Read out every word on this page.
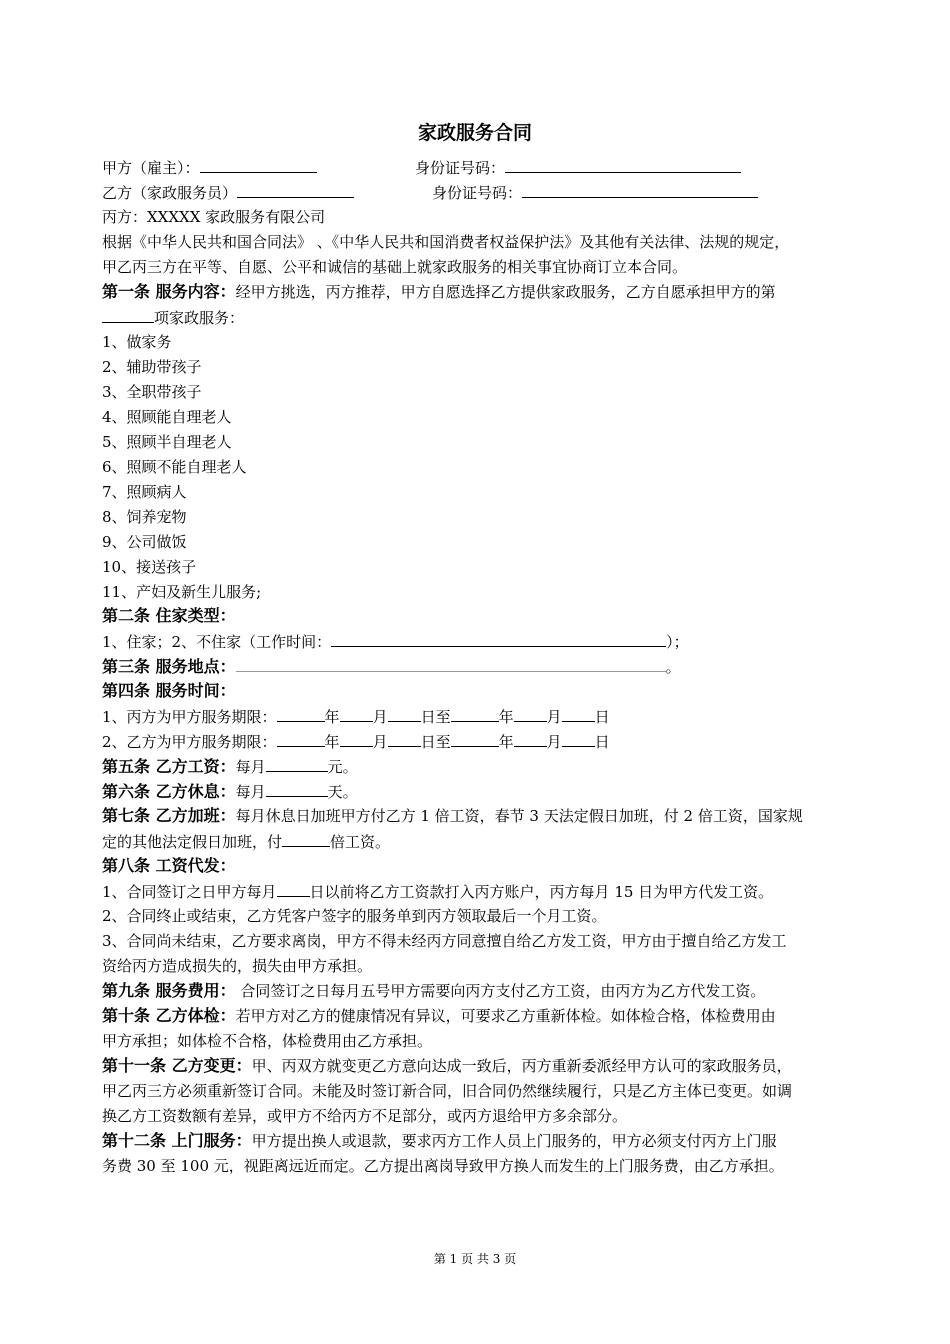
家政服务合同
甲方（雇主）：	身份证号码：
乙方（家政服务员）	身份证号码：
丙方：XXXXX 家政服务有限公司
根据《中华人民共和国合同法》 、《中华人民共和国消费者权益保护法》及其他有关法律、法规的规定，
甲乙丙三方在平等、自愿、公平和诚信的基础上就家政服务的相关事宜协商订立本合同。
第一条 服务内容：经甲方挑选，丙方推荐，甲方自愿选择乙方提供家政服务，乙方自愿承担甲方的第
项家政服务：
1、做家务
2、辅助带孩子
3、全职带孩子
4、照顾能自理老人
5、照顾半自理老人
6、照顾不能自理老人
7、照顾病人
8、饲养宠物
9、公司做饭
10、接送孩子
11、产妇及新生儿服务;
第二条 住家类型：
1、住家；2、不住家（工作时间：	）；
第三条 服务地点：	。
第四条 服务时间：
1、丙方为甲方服务期限：	年 月 日至	年 月 日
2、乙方为甲方服务期限：	年 月 日至	年 月 日
第五条 乙方工资：每月	元。
第六条 乙方休息：每月	天。
第七条 乙方加班：每月休息日加班甲方付乙方 1 倍工资，春节 3 天法定假日加班，付 2 倍工资，国家规
定的其他法定假日加班，付	倍工资。
第八条 工资代发：
1、合同签订之日甲方每月 日以前将乙方工资款打入丙方账户，丙方每月 15 日为甲方代发工资。
2、合同终止或结束，乙方凭客户签字的服务单到丙方领取最后一个月工资。
3、合同尚未结束，乙方要求离岗，甲方不得未经丙方同意擅自给乙方发工资，甲方由于擅自给乙方发工
资给丙方造成损失的，损失由甲方承担。
第九条 服务费用： 合同签订之日每月五号甲方需要向丙方支付乙方工资，由丙方为乙方代发工资。
第十条 乙方体检：若甲方对乙方的健康情况有异议，可要求乙方重新体检。如体检合格，体检费用由
甲方承担；如体检不合格，体检费用由乙方承担。
第十一条 乙方变更：甲、丙双方就变更乙方意向达成一致后，丙方重新委派经甲方认可的家政服务员，
甲乙丙三方必须重新签订合同。未能及时签订新合同，旧合同仍然继续履行，只是乙方主体已变更。如调
换乙方工资数额有差异，或甲方不给丙方不足部分，或丙方退给甲方多余部分。
第十二条 上门服务：甲方提出换人或退款，要求丙方工作人员上门服务的，甲方必须支付丙方上门服
务费 30 至 100 元，视距离远近而定。乙方提出离岗导致甲方换人而发生的上门服务费，由乙方承担。
第 1 页 共 3 页
